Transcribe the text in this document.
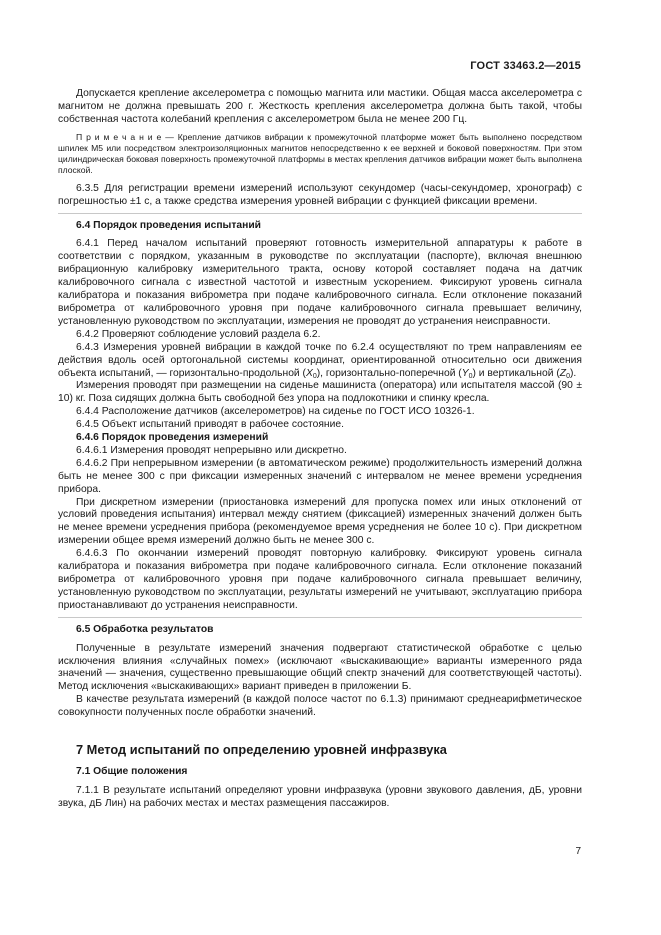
ГОСТ 33463.2—2015

Допускается крепление акселерометра с помощью магнита или мастики. Общая масса акселерометра с магнитом не должна превышать 200 г. Жесткость крепления акселерометра должна быть такой, чтобы собственная частота колебаний крепления с акселерометром была не менее 200 Гц.

П р и м е ч а н и е — Крепление датчиков вибрации к промежуточной платформе может быть выполнено посредством шпилек М5 или посредством электроизоляционных магнитов непосредственно к ее верхней и боковой поверхностям. При этом цилиндрическая боковая поверхность промежуточной платформы в местах крепления датчиков вибрации может быть выполнена плоской.

6.3.5 Для регистрации времени измерений используют секундомер (часы-секундомер, хронограф) с погрешностью ±1 с, а также средства измерения уровней вибрации с функцией фиксации времени.

6.4 Порядок проведения испытаний

6.4.1 Перед началом испытаний проверяют готовность измерительной аппаратуры к работе в соответствии с порядком, указанным в руководстве по эксплуатации (паспорте), включая внешнюю вибрационную калибровку измерительного тракта, основу которой составляет подача на датчик калибровочного сигнала с известной частотой и известным ускорением. Фиксируют уровень сигнала калибратора и показания виброметра при подаче калибровочного сигнала. Если отклонение показаний виброметра от калибровочного уровня при подаче калибровочного сигнала превышает величину, установленную руководством по эксплуатации, измерения не проводят до устранения неисправности.

6.4.2 Проверяют соблюдение условий раздела 6.2.

6.4.3 Измерения уровней вибрации в каждой точке по 6.2.4 осуществляют по трем направлениям ее действия вдоль осей ортогональной системы координат, ориентированной относительно оси движения объекта испытаний, — горизонтально-продольной $(X_0)$, горизонтально-поперечной $(Y_0)$ и вертикальной $(Z_0)$.

Измерения проводят при размещении на сиденье машиниста (оператора) или испытателя массой (90 ± 10) кг. Поза сидящих должна быть свободной без упора на подлокотники и спинку кресла.

6.4.4 Расположение датчиков (акселерометров) на сиденье по ГОСТ ИСО 10326-1.

6.4.5 Объект испытаний приводят в рабочее состояние.

6.4.6 Порядок проведения измерений

6.4.6.1 Измерения проводят непрерывно или дискретно.

6.4.6.2 При непрерывном измерении (в автоматическом режиме) продолжительность измерений должна быть не менее 300 с при фиксации измеренных значений с интервалом не менее времени усреднения прибора.

При дискретном измерении (приостановка измерений для пропуска помех или иных отклонений от условий проведения испытания) интервал между снятием (фиксацией) измеренных значений должен быть не менее времени усреднения прибора (рекомендуемое время усреднения не более 10 с). При дискретном измерении общее время измерений должно быть не менее 300 с.

6.4.6.3 По окончании измерений проводят повторную калибровку. Фиксируют уровень сигнала калибратора и показания виброметра при подаче калибровочного сигнала. Если отклонение показаний виброметра от калибровочного уровня при подаче калибровочного сигнала превышает величину, установленную руководством по эксплуатации, результаты измерений не учитывают, эксплуатацию прибора приостанавливают до устранения неисправности.

6.5 Обработка результатов

Полученные в результате измерений значения подвергают статистической обработке с целью исключения влияния «случайных помех» (исключают «выскакивающие» варианты измеренного ряда значений — значения, существенно превышающие общий спектр значений для соответствующей частоты). Метод исключения «выскакивающих» вариант приведен в приложении Б.

В качестве результата измерений (в каждой полосе частот по 6.1.3) принимают среднеарифметическое совокупности полученных после обработки значений.

7 Метод испытаний по определению уровней инфразвука

7.1 Общие положения

7.1.1 В результате испытаний определяют уровни инфразвука (уровни звукового давления, дБ, уровни звука, дБ Лин) на рабочих местах и местах размещения пассажиров.

7
